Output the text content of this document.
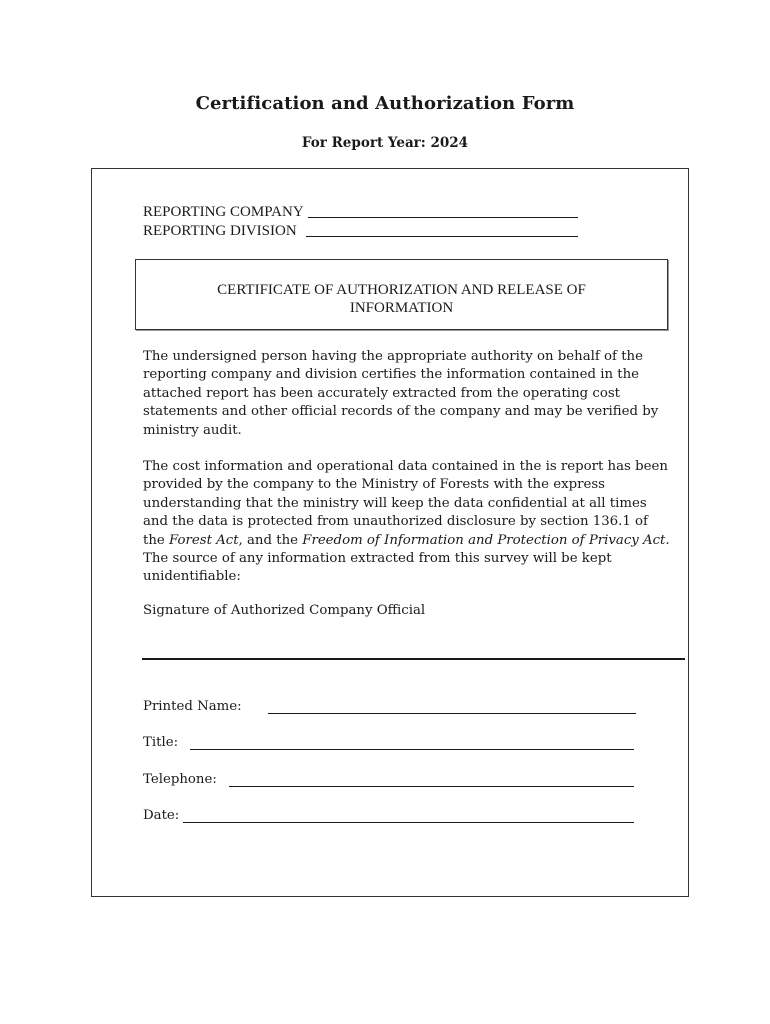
Certification and Authorization Form
For Report Year: 2024
REPORTING COMPANY
REPORTING DIVISION
CERTIFICATE OF AUTHORIZATION AND RELEASE OF INFORMATION
The undersigned person having the appropriate authority on behalf of the reporting company and division certifies the information contained in the attached report has been accurately extracted from the operating cost statements and other official records of the company and may be verified by ministry audit.
The cost information and operational data contained in the is report has been provided by the company to the Ministry of Forests with the express understanding that the ministry will keep the data confidential at all times and the data is protected from unauthorized disclosure by section 136.1 of the Forest Act, and the Freedom of Information and Protection of Privacy Act. The source of any information extracted from this survey will be kept unidentifiable:
Signature of Authorized Company Official
Printed Name:
Title:
Telephone:
Date:
